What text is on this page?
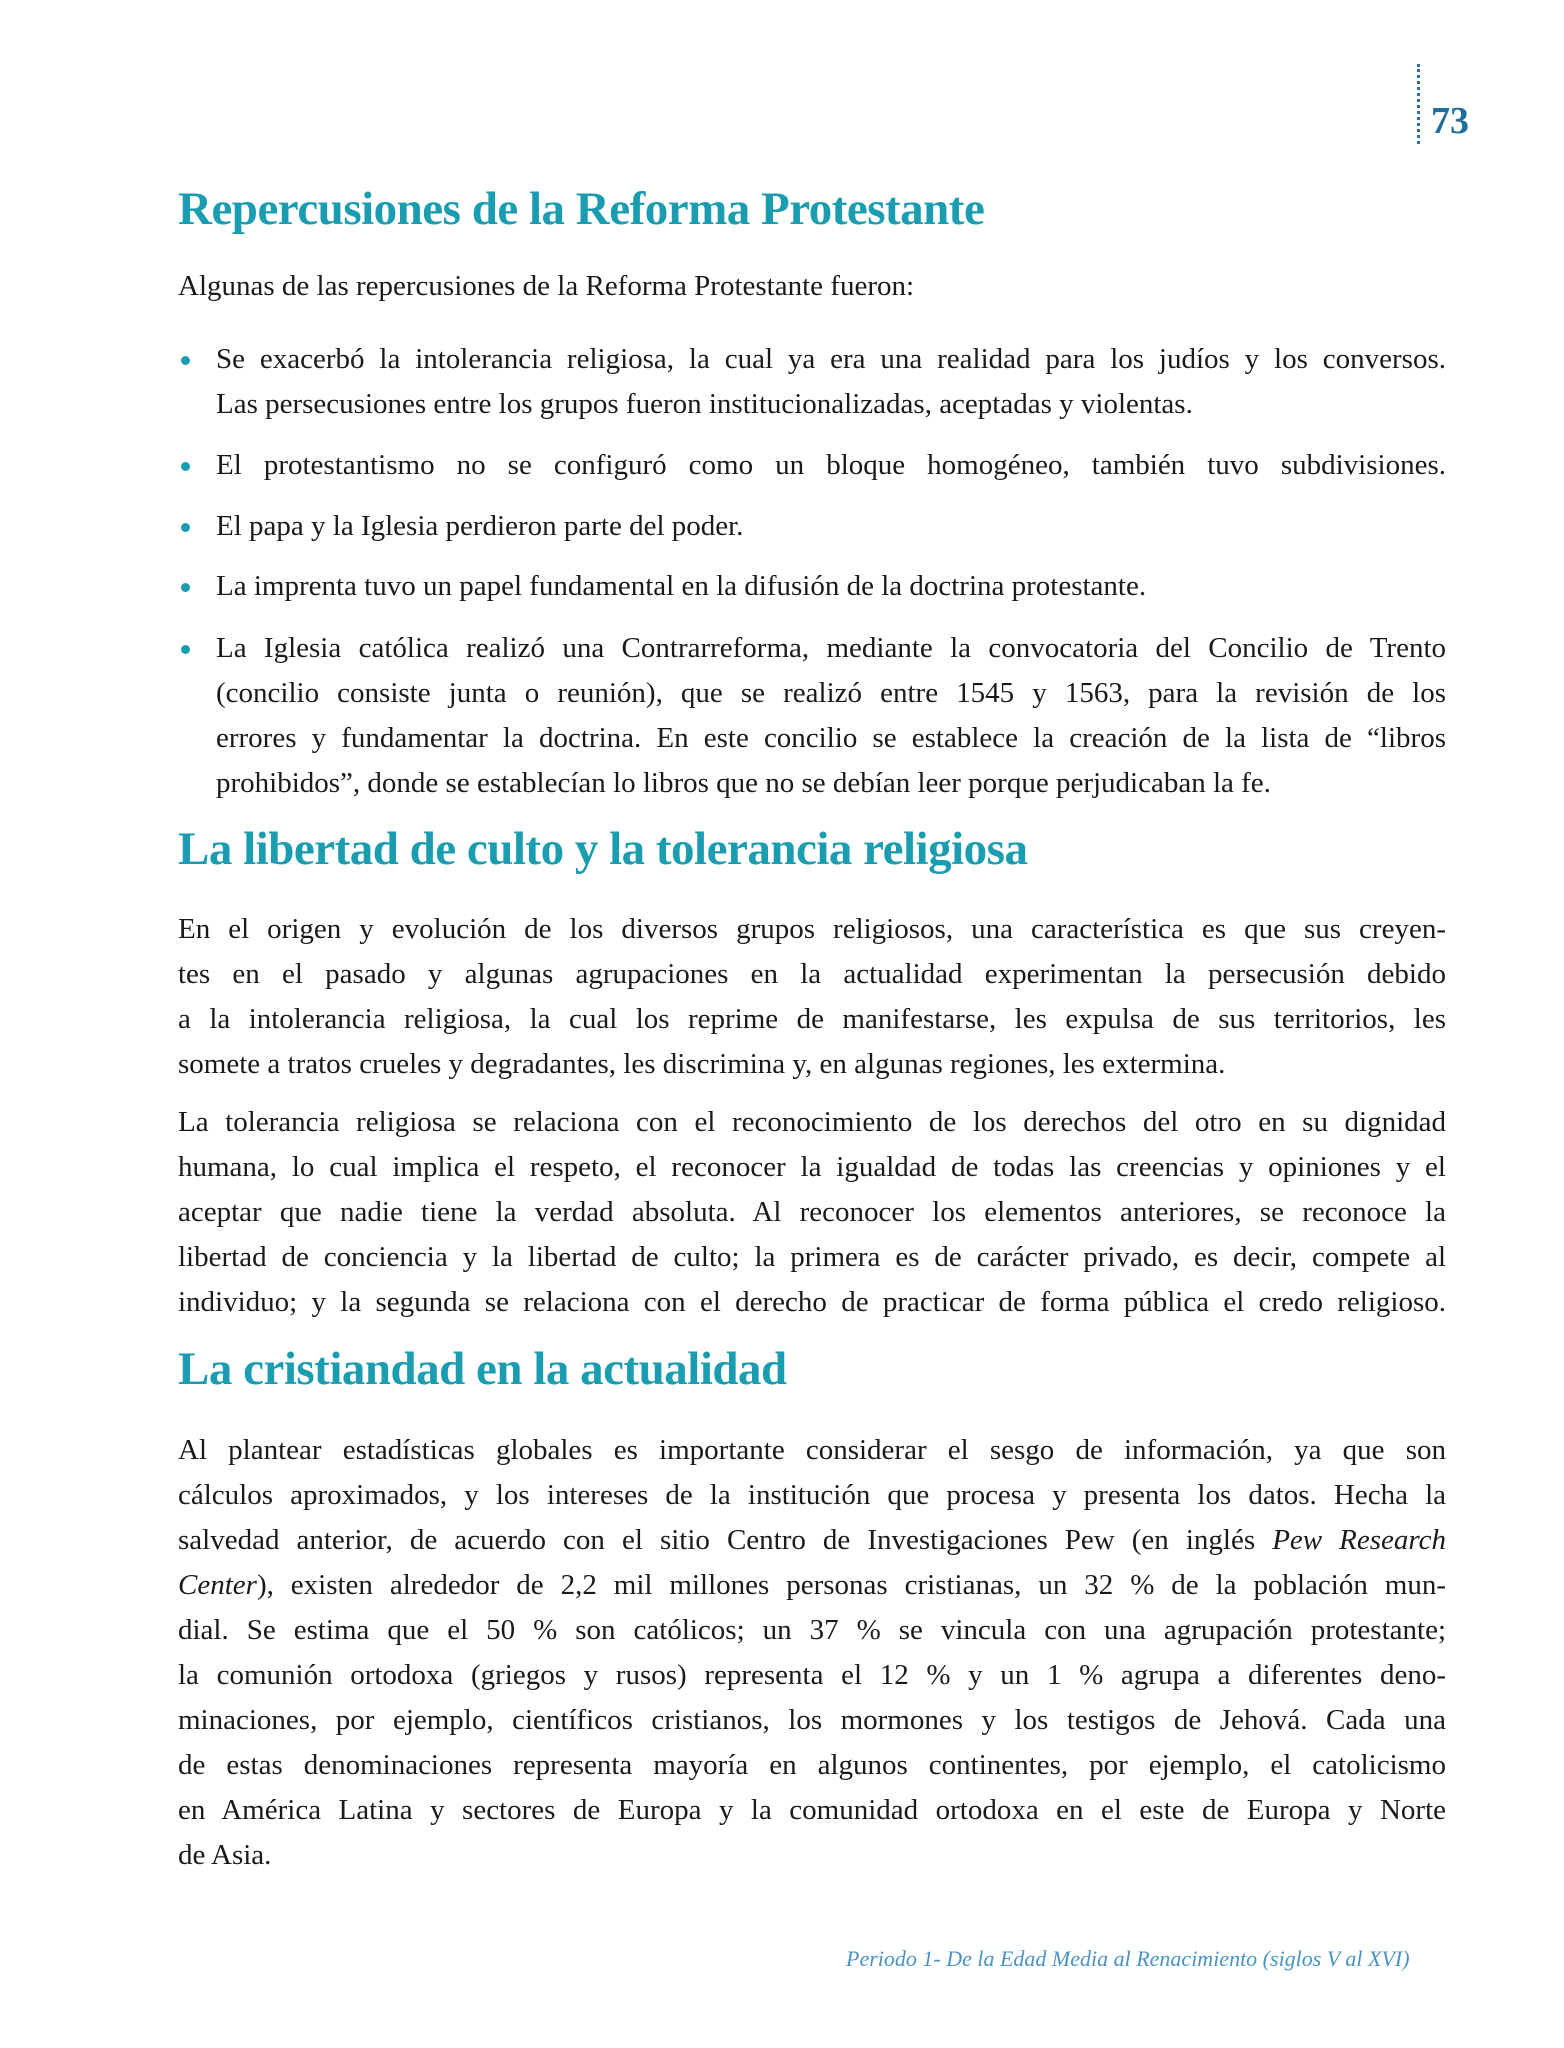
73
Repercusiones de la Reforma Protestante

Algunas de las repercusiones de la Reforma Protestante fueron:

Se exacerbó la intolerancia religiosa, la cual ya era una realidad para los judíos y los conversos.

Las persecusiones entre los grupos fueron institucionalizadas, aceptadas y violentas.

El protestantismo no se configuró como un bloque homogéneo, también tuvo subdivisiones.

El papa y la Iglesia perdieron parte del poder.

La imprenta tuvo un papel fundamental en la difusión de la doctrina protestante.

La Iglesia católica realizó una Contrarreforma, mediante la convocatoria del Concilio de Trento

(concilio consiste junta o reunión), que se realizó entre 1545 y 1563, para la revisión de los

errores y fundamentar la doctrina. En este concilio se establece la creación de la lista de “libros

prohibidos”, donde se establecían lo libros que no se debían leer porque perjudicaban la fe.

La libertad de culto y la tolerancia religiosa

En el origen y evolución de los diversos grupos religiosos, una característica es que sus creyen-

tes en el pasado y algunas agrupaciones en la actualidad experimentan la persecusión debido

a la intolerancia religiosa, la cual los reprime de manifestarse, les expulsa de sus territorios, les

somete a tratos crueles y degradantes, les discrimina y, en algunas regiones, les extermina.

La tolerancia religiosa se relaciona con el reconocimiento de los derechos del otro en su dignidad

humana, lo cual implica el respeto, el reconocer la igualdad de todas las creencias y opiniones y el

aceptar que nadie tiene la verdad absoluta. Al reconocer los elementos anteriores, se reconoce la

libertad de conciencia y la libertad de culto; la primera es de carácter privado, es decir, compete al

individuo; y la segunda se relaciona con el derecho de practicar de forma pública el credo religioso.

La cristiandad en la actualidad

Al plantear estadísticas globales es importante considerar el sesgo de información, ya que son

cálculos aproximados, y los intereses de la institución que procesa y presenta los datos. Hecha la

salvedad anterior, de acuerdo con el sitio Centro de Investigaciones Pew (en inglés Pew Research

Center), existen alrededor de 2,2 mil millones personas cristianas, un 32 % de la población mun-

dial. Se estima que el 50 % son católicos; un 37 % se vincula con una agrupación protestante;

la comunión ortodoxa (griegos y rusos) representa el 12 % y un 1 % agrupa a diferentes deno-

minaciones, por ejemplo, científicos cristianos, los mormones y los testigos de Jehová. Cada una

de estas denominaciones representa mayoría en algunos continentes, por ejemplo, el catolicismo

en América Latina y sectores de Europa y la comunidad ortodoxa en el este de Europa y Norte

de Asia.

Periodo 1- De la Edad Media al Renacimiento (siglos V al XVI)
